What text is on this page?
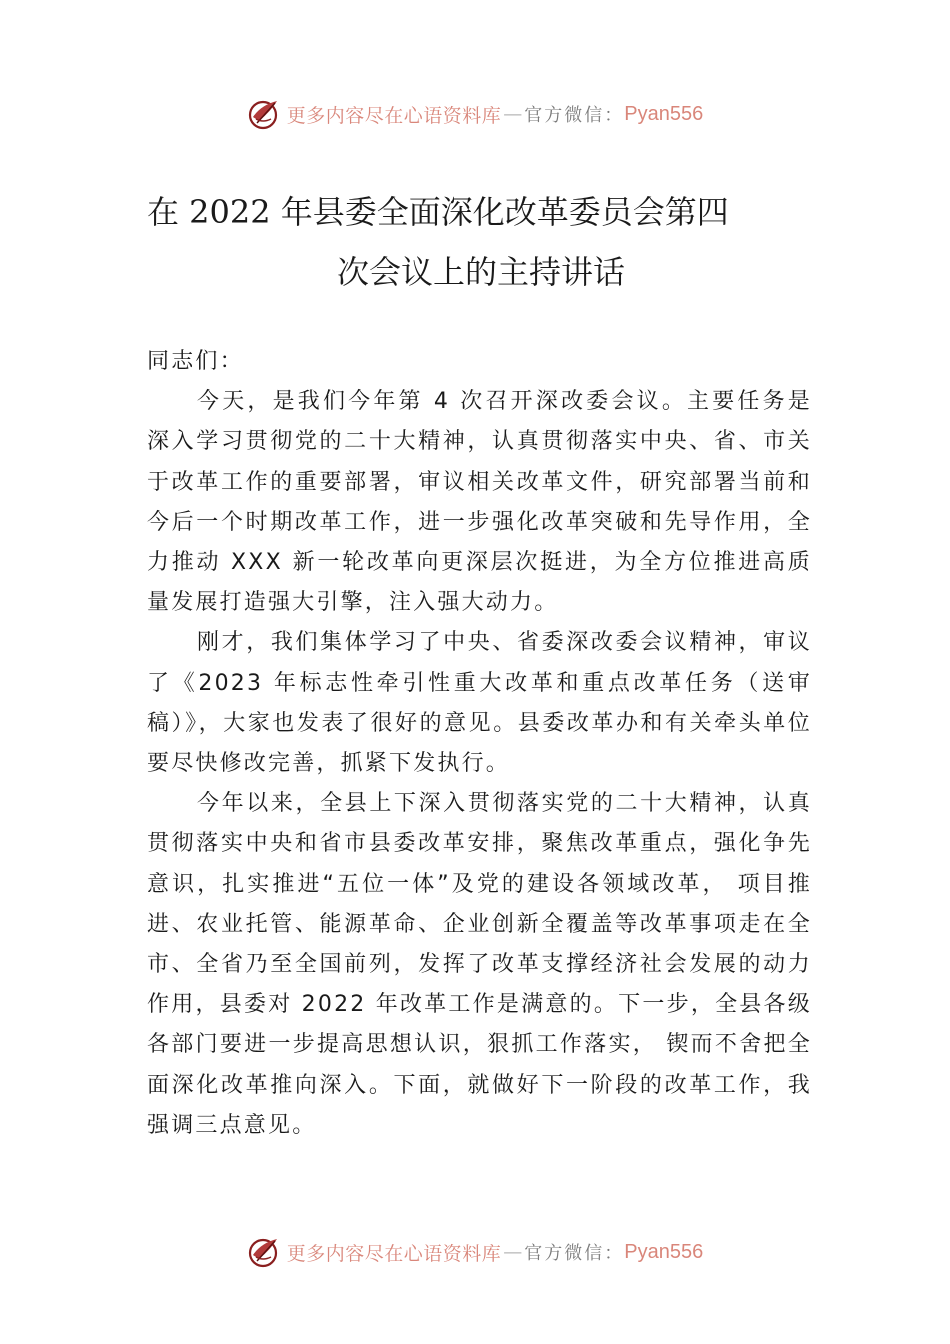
更多内容尽在心语资料库 — 官方微信： Pyan556
在 2022 年县委全面深化改革委员会第四
次会议上的主持讲话

同志们：

今天，是我们今年第 4 次召开深改委会议。主要任务是深入学习贯彻党的二十大精神，认真贯彻落实中央、省、市关于改革工作的重要部署，审议相关改革文件，研究部署当前和今后一个时期改革工作，进一步强化改革突破和先导作用，全力推动 XXX 新一轮改革向更深层次挺进，为全方位推进高质量发展打造强大引擎，注入强大动力。

刚才，我们集体学习了中央、省委深改委会议精神，审议了《2023 年标志性牵引性重大改革和重点改革任务（送审稿）》，大家也发表了很好的意见。县委改革办和有关牵头单位要尽快修改完善，抓紧下发执行。

今年以来，全县上下深入贯彻落实党的二十大精神，认真贯彻落实中央和省市县委改革安排，聚焦改革重点，强化争先意识，扎实推进“五位一体”及党的建设各领域改革， 项目推进、农业托管、能源革命、企业创新全覆盖等改革事项走在全市、全省乃至全国前列，发挥了改革支撑经济社会发展的动力作用，县委对 2022 年改革工作是满意的。下一步，全县各级各部门要进一步提高思想认识，狠抓工作落实， 锲而不舍把全面深化改革推向深入。下面，就做好下一阶段的改革工作，我强调三点意见。

更多内容尽在心语资料库 — 官方微信： Pyan556
